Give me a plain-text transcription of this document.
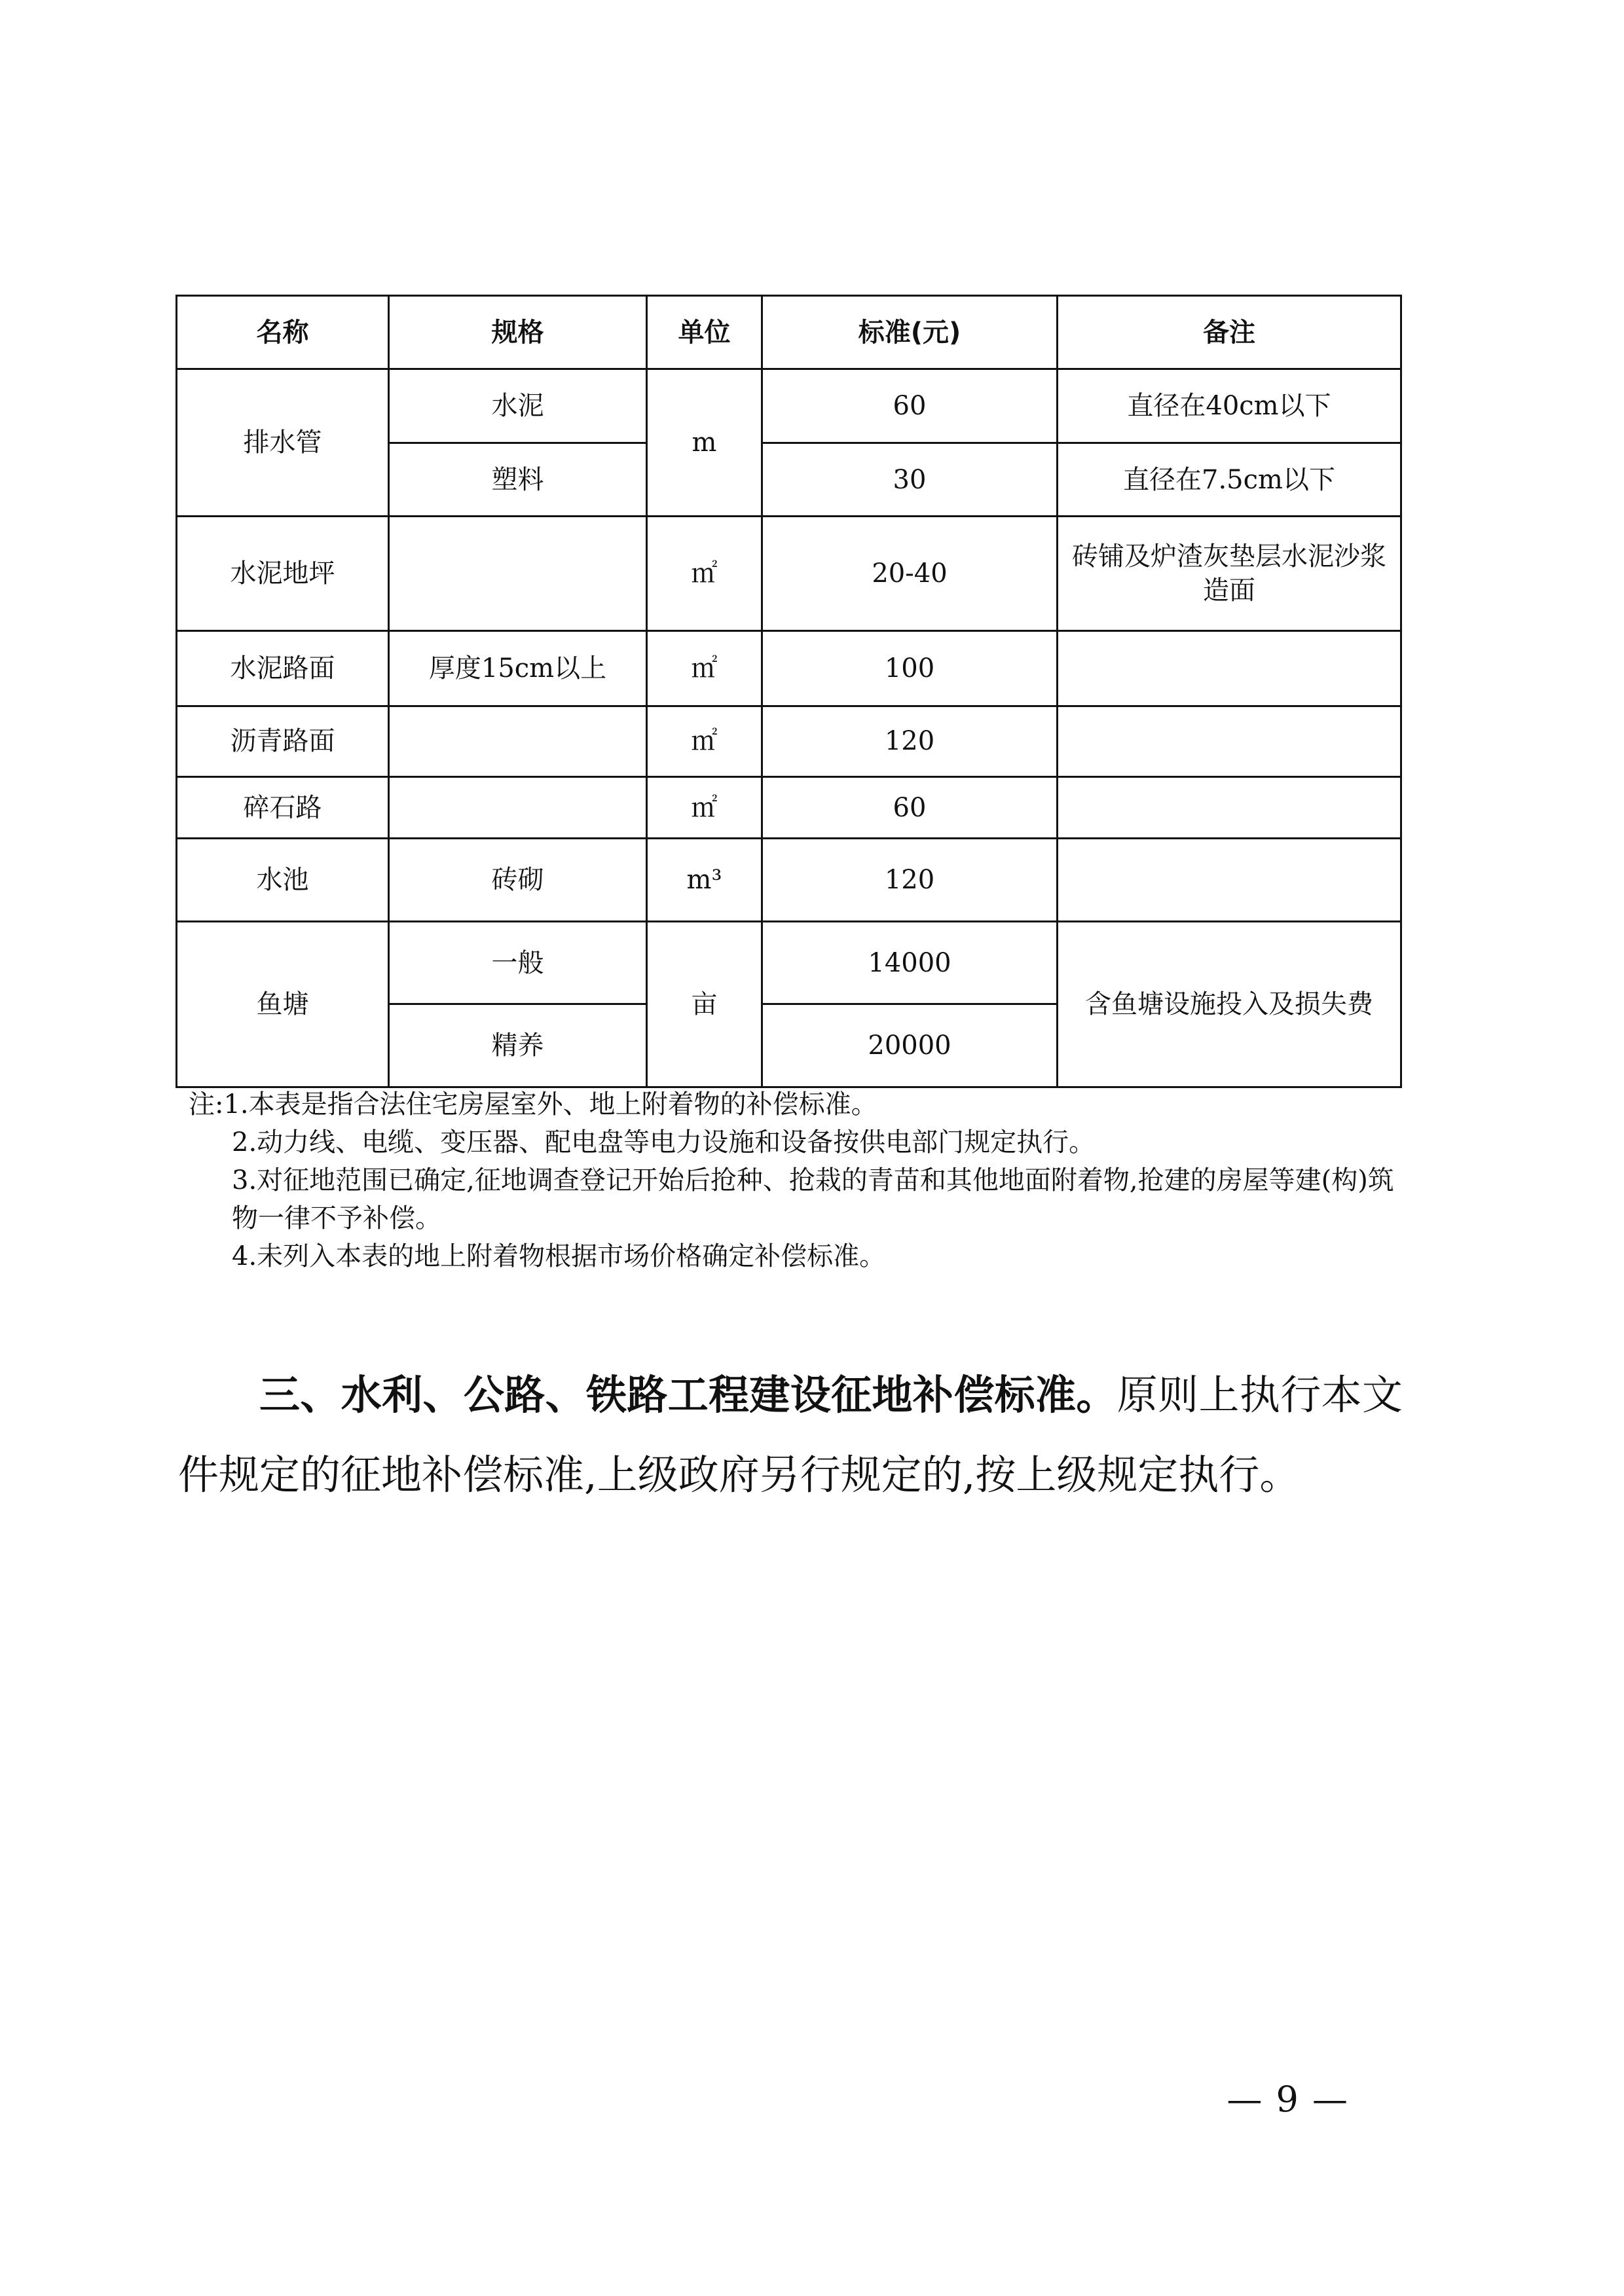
名称	规格	单位	标准(元)	备注
排水管	水泥	m	60	直径在40cm以下
	塑料		30	直径在7.5cm以下
水泥地坪		㎡	20-40	砖铺及炉渣灰垫层水泥沙浆造面
水泥路面	厚度15cm以上	㎡	100	
沥青路面		㎡	120	
碎石路		㎡	60	
水池	砖砌	m³	120	
鱼塘	一般	亩	14000	含鱼塘设施投入及损失费
	精养		20000	

注:1.本表是指合法住宅房屋室外、地上附着物的补偿标准。

2.动力线、电缆、变压器、配电盘等电力设施和设备按供电部门规定执行。

3.对征地范围已确定,征地调查登记开始后抢种、抢栽的青苗和其他地面附着物,抢建的房屋等建(构)筑物一律不予补偿。

4.未列入本表的地上附着物根据市场价格确定补偿标准。

三、水利、公路、铁路工程建设征地补偿标准。原则上执行本文件规定的征地补偿标准,上级政府另行规定的,按上级规定执行。

— 9 —
